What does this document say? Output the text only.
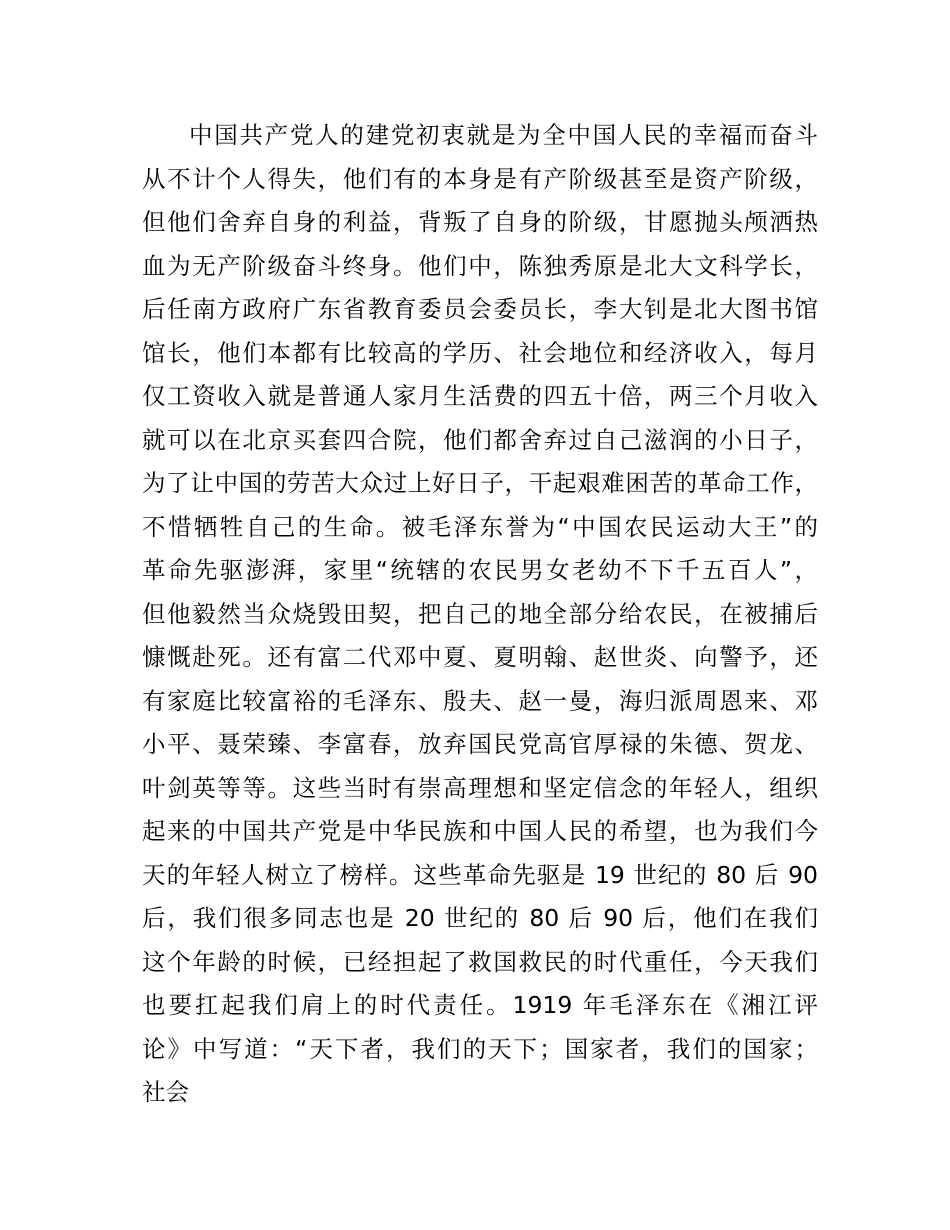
中国共产党人的建党初衷就是为全中国人民的幸福而奋斗
从不计个人得失，他们有的本身是有产阶级甚至是资产阶级，
但他们舍弃自身的利益，背叛了自身的阶级，甘愿抛头颅洒热
血为无产阶级奋斗终身。他们中，陈独秀原是北大文科学长，
后任南方政府广东省教育委员会委员长，李大钊是北大图书馆
馆长，他们本都有比较高的学历、社会地位和经济收入，每月
仅工资收入就是普通人家月生活费的四五十倍，两三个月收入
就可以在北京买套四合院，他们都舍弃过自己滋润的小日子，
为了让中国的劳苦大众过上好日子，干起艰难困苦的革命工作，
不惜牺牲自己的生命。被毛泽东誉为“中国农民运动大王”的
革命先驱澎湃，家里“统辖的农民男女老幼不下千五百人”，
但他毅然当众烧毁田契，把自己的地全部分给农民，在被捕后
慷慨赴死。还有富二代邓中夏、夏明翰、赵世炎、向警予，还
有家庭比较富裕的毛泽东、殷夫、赵一曼，海归派周恩来、邓
小平、聂荣臻、李富春，放弃国民党高官厚禄的朱德、贺龙、
叶剑英等等。这些当时有崇高理想和坚定信念的年轻人，组织
起来的中国共产党是中华民族和中国人民的希望，也为我们今
天的年轻人树立了榜样。这些革命先驱是 19 世纪的 80 后 90
后，我们很多同志也是 20 世纪的 80 后 90 后，他们在我们
这个年龄的时候，已经担起了救国救民的时代重任，今天我们
也要扛起我们肩上的时代责任。1919 年毛泽东在《湘江评
论》中写道：“天下者，我们的天下；国家者，我们的国家；
社会
